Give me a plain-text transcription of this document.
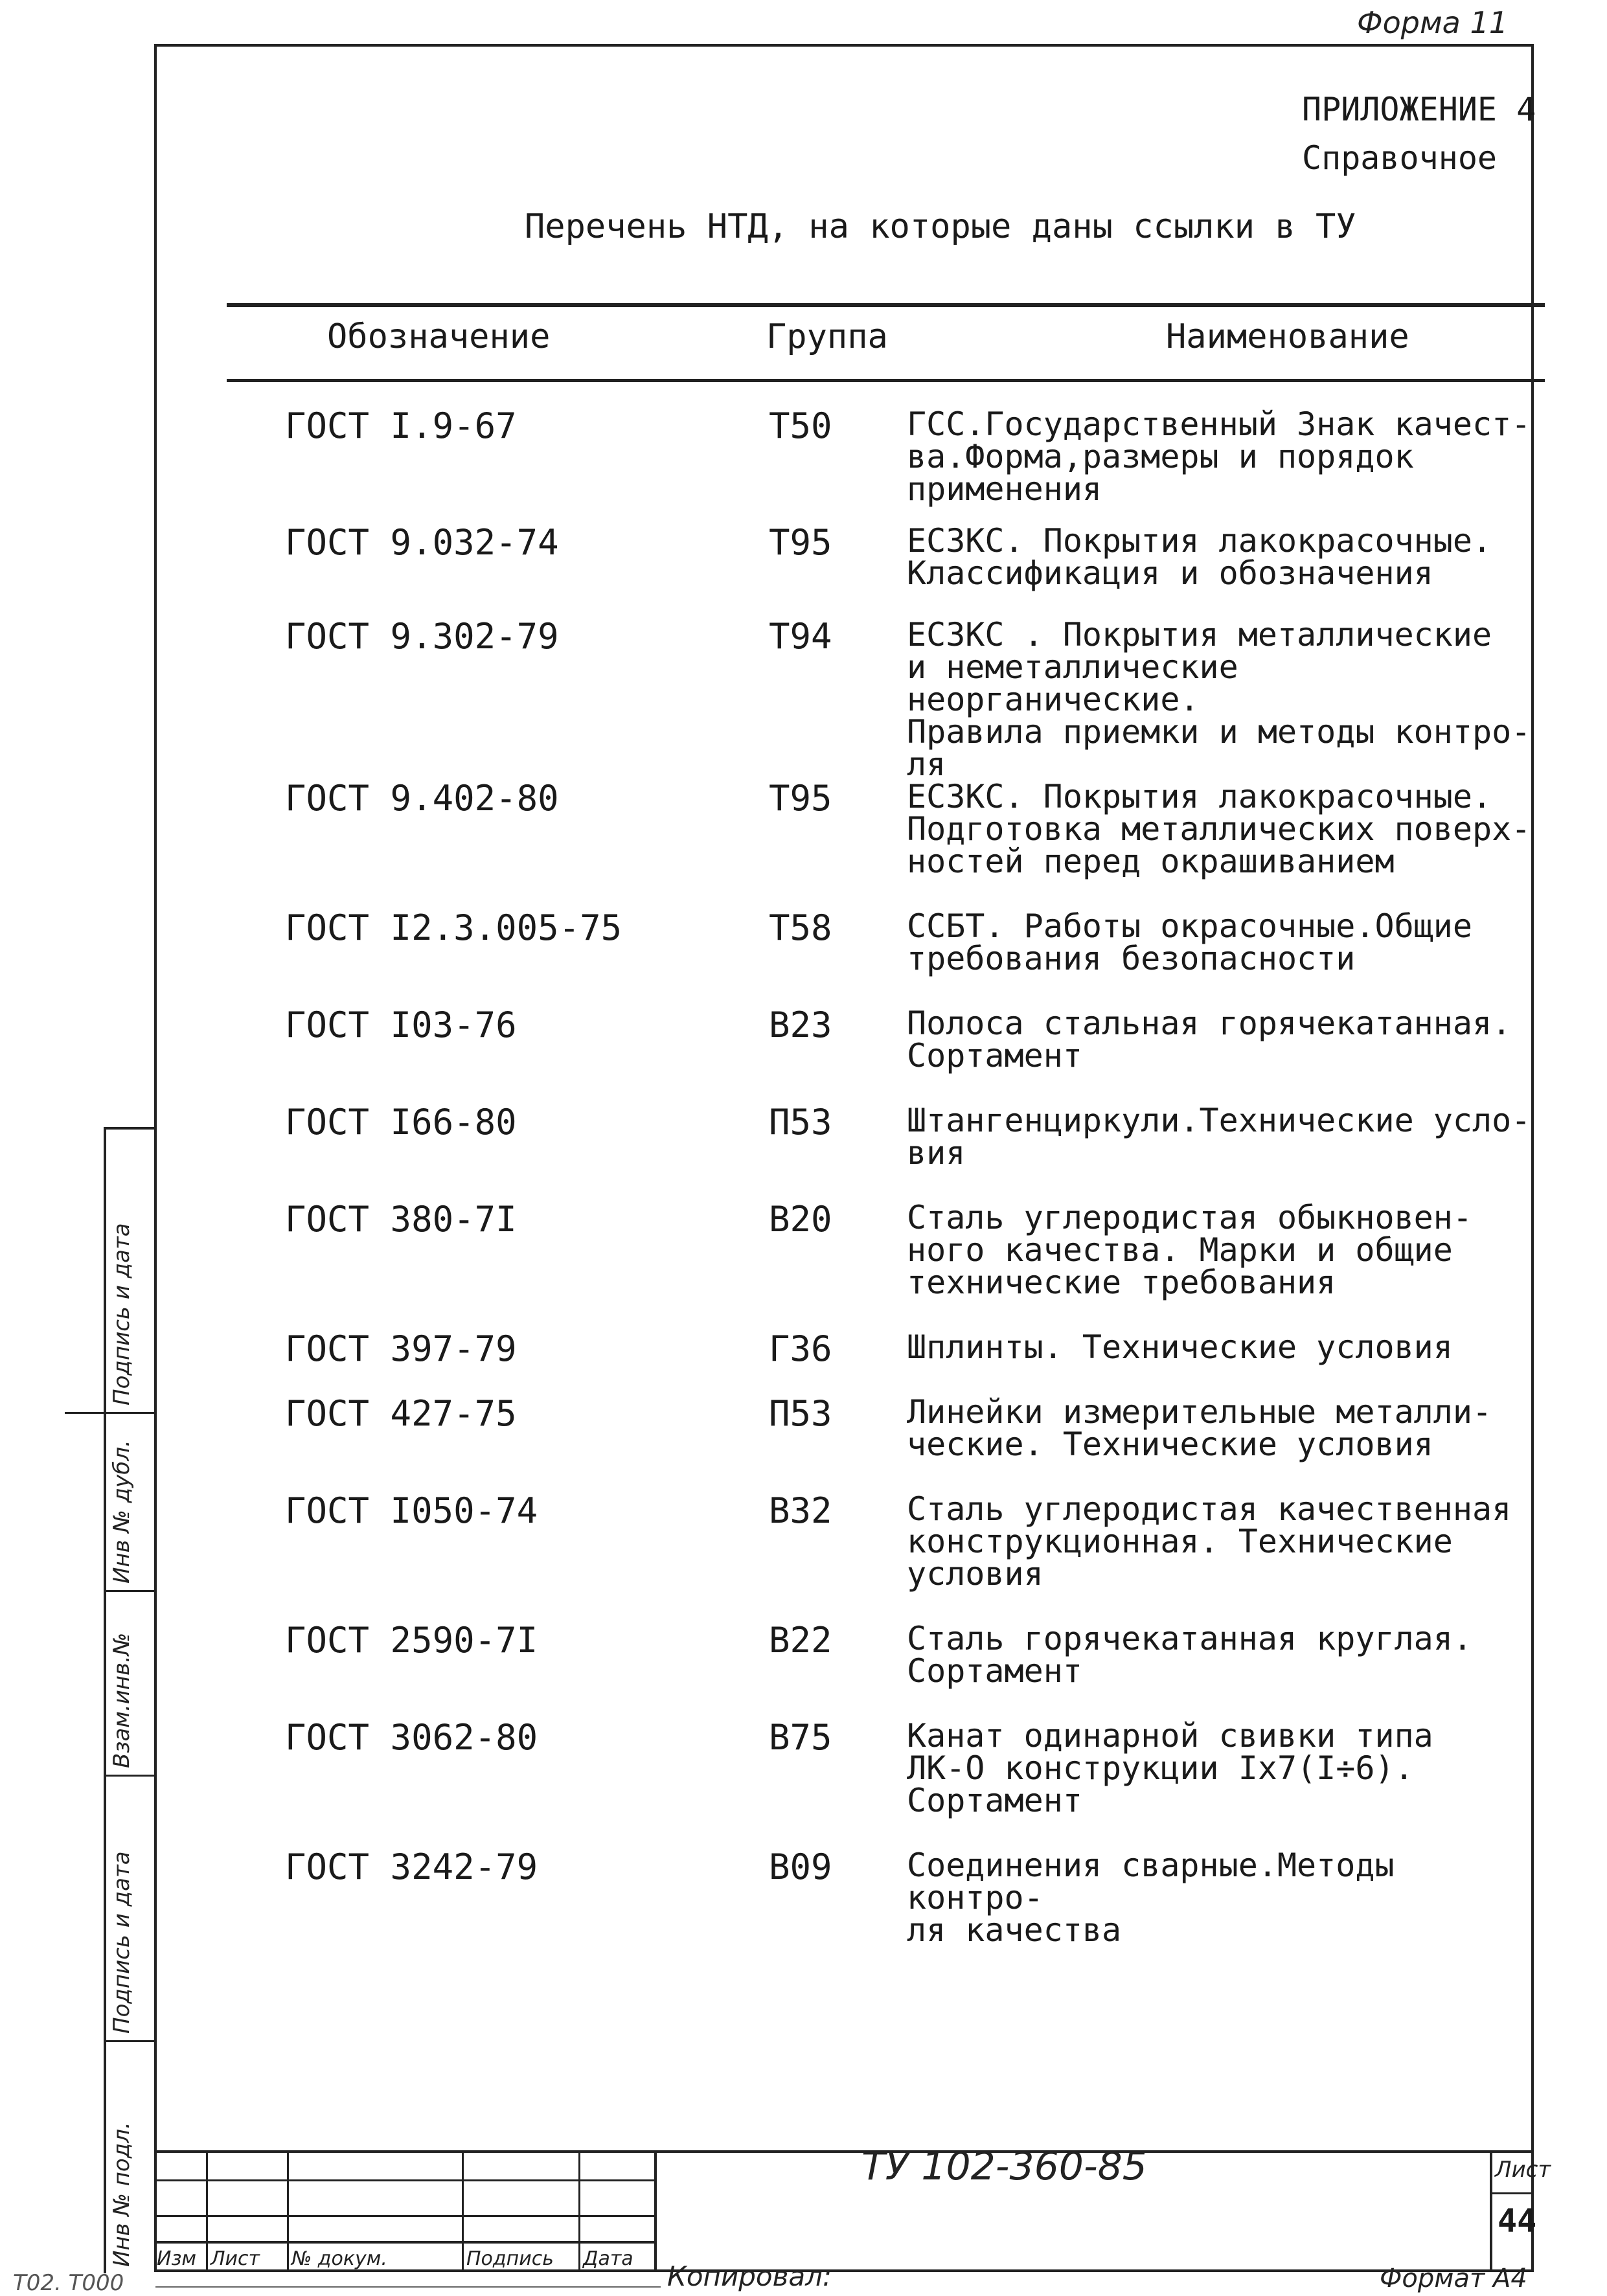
Форма 11
ПРИЛОЖЕНИЕ 4
Справочное
Перечень НТД, на которые даны ссылки в ТУ
Обозначение	Группа	Наименование
ГОСТ I.9-67	Т50 ГСС.Государственный Знак качест-
ва.Форма,размеры и порядок
применения
ГОСТ 9.032-74	Т95 ЕСЗКС. Покрытия лакокрасочные.
Классификация и обозначения
ГОСТ 9.302-79	Т94 ЕСЗКС . Покрытия металлические
и неметаллические неорганические.
Правила приемки и методы контро-
ля
ГОСТ 9.402-80	Т95 ЕСЗКС. Покрытия лакокрасочные.
Подготовка металлических поверх-
ностей перед окрашиванием
ГОСТ I2.3.005-75	Т58 ССБТ. Работы окрасочные.Общие
требования безопасности
ГОСТ I03-76	В23 Полоса стальная горячекатанная.
Сортамент
ГОСТ I66-80	П53 Штангенциркули.Технические усло-
вия
ГОСТ 380-7I	В20 Сталь углеродистая обыкновен-
ного качества. Марки и общие
технические требования
ГОСТ 397-79	Г36 Шплинты. Технические условия
ГОСТ 427-75	П53 Линейки измерительные металли-
ческие. Технические условия
ГОСТ I050-74	В32 Сталь углеродистая качественная
конструкционная. Технические
условия
ГОСТ 2590-7I	В22 Сталь горячекатанная круглая.
Сортамент
ГОСТ 3062-80	В75 Канат одинарной свивки типа
ЛК-О конструкции Iх7(I÷6).
Сортамент
ГОСТ 3242-79	В09 Соединения сварные.Методы контро-
ля качества
Инв № подл.
Подпись и дата
Взам.инв.№
Инв № дубл.
Подпись и дата
Изм Лист № докум.	Подпись Дата
ТУ 102-360-85	Лист
44
Т02. Т000	Копировал:	Формат А4
